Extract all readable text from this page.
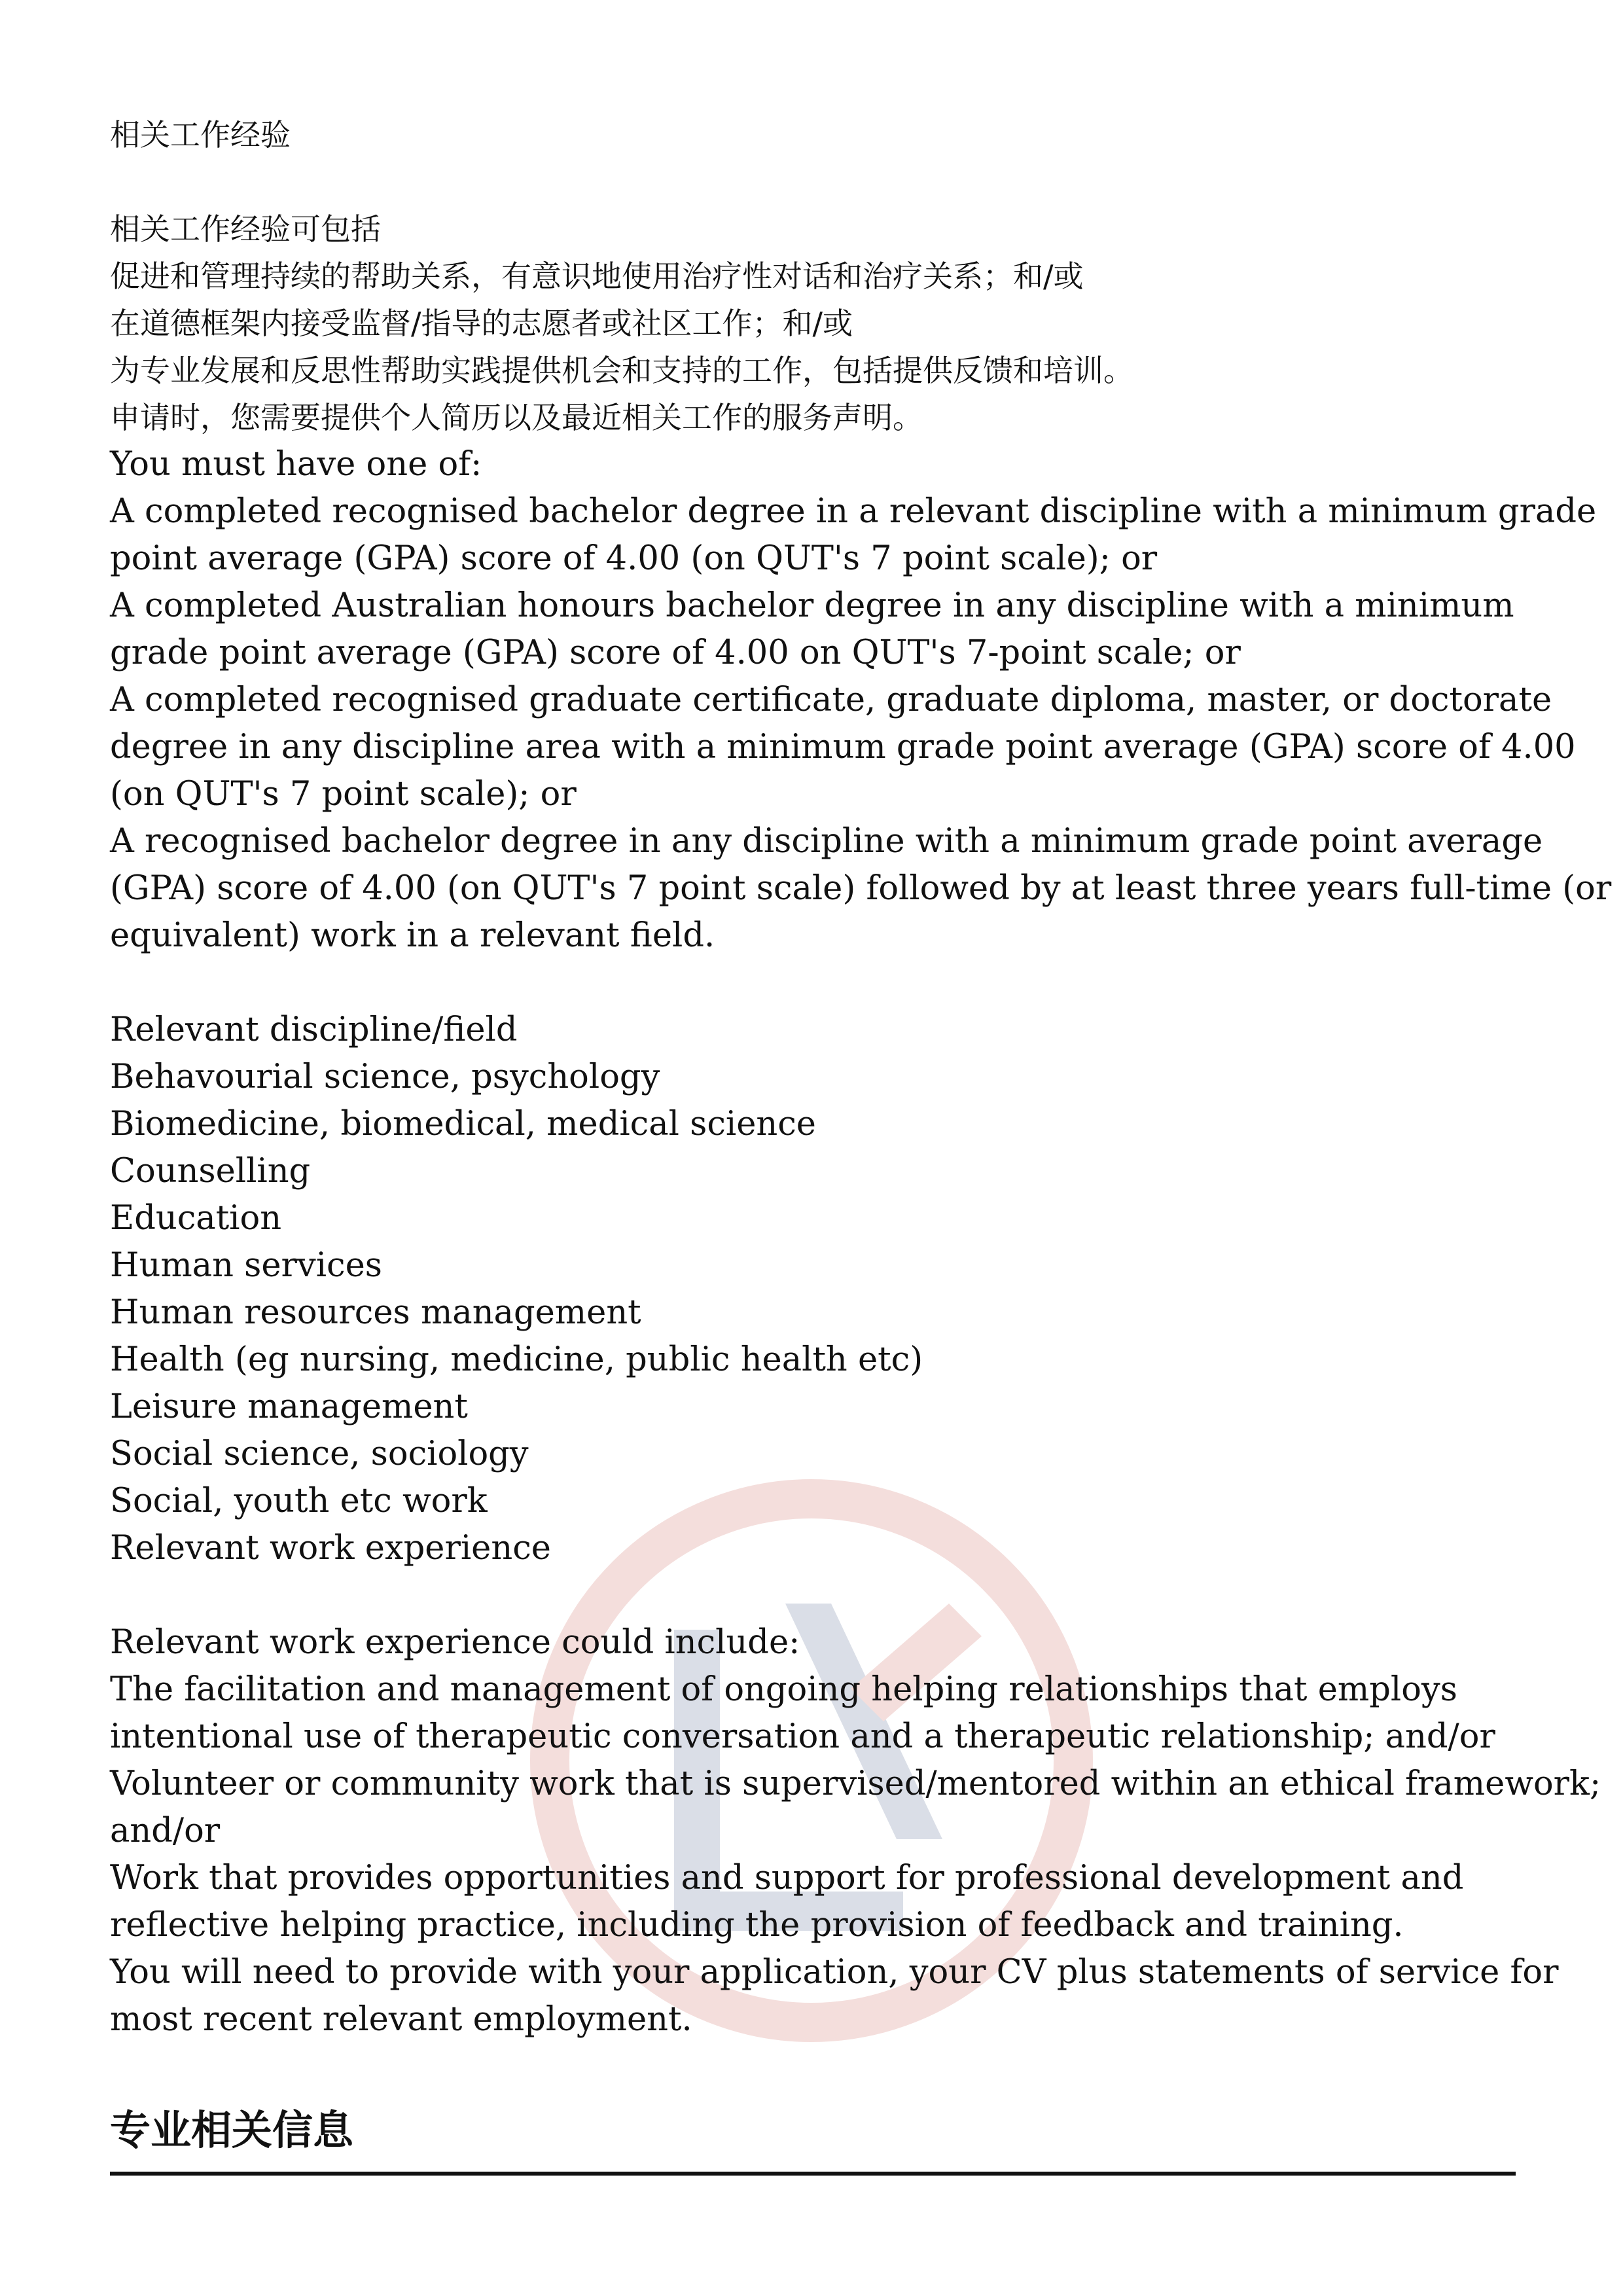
相关工作经验
相关工作经验可包括
促进和管理持续的帮助关系，有意识地使用治疗性对话和治疗关系；和/或
在道德框架内接受监督/指导的志愿者或社区工作；和/或
为专业发展和反思性帮助实践提供机会和支持的工作，包括提供反馈和培训。
申请时，您需要提供个人简历以及最近相关工作的服务声明。
You must have one of:
A completed recognised bachelor degree in a relevant discipline with a minimum grade
point average (GPA) score of 4.00 (on QUT's 7 point scale); or
A completed Australian honours bachelor degree in any discipline with a minimum
grade point average (GPA) score of 4.00 on QUT's 7-point scale; or
A completed recognised graduate certificate, graduate diploma, master, or doctorate
degree in any discipline area with a minimum grade point average (GPA) score of 4.00
(on QUT's 7 point scale); or
A recognised bachelor degree in any discipline with a minimum grade point average
(GPA) score of 4.00 (on QUT's 7 point scale) followed by at least three years full-time (or
equivalent) work in a relevant field.
Relevant discipline/field
Behavourial science, psychology
Biomedicine, biomedical, medical science
Counselling
Education
Human services
Human resources management
Health (eg nursing, medicine, public health etc)
Leisure management
Social science, sociology
Social, youth etc work
Relevant work experience
Relevant work experience could include:
The facilitation and management of ongoing helping relationships that employs
intentional use of therapeutic conversation and a therapeutic relationship; and/or
Volunteer or community work that is supervised/mentored within an ethical framework;
and/or
Work that provides opportunities and support for professional development and
reflective helping practice, including the provision of feedback and training.
You will need to provide with your application, your CV plus statements of service for
most recent relevant employment.
专业相关信息
